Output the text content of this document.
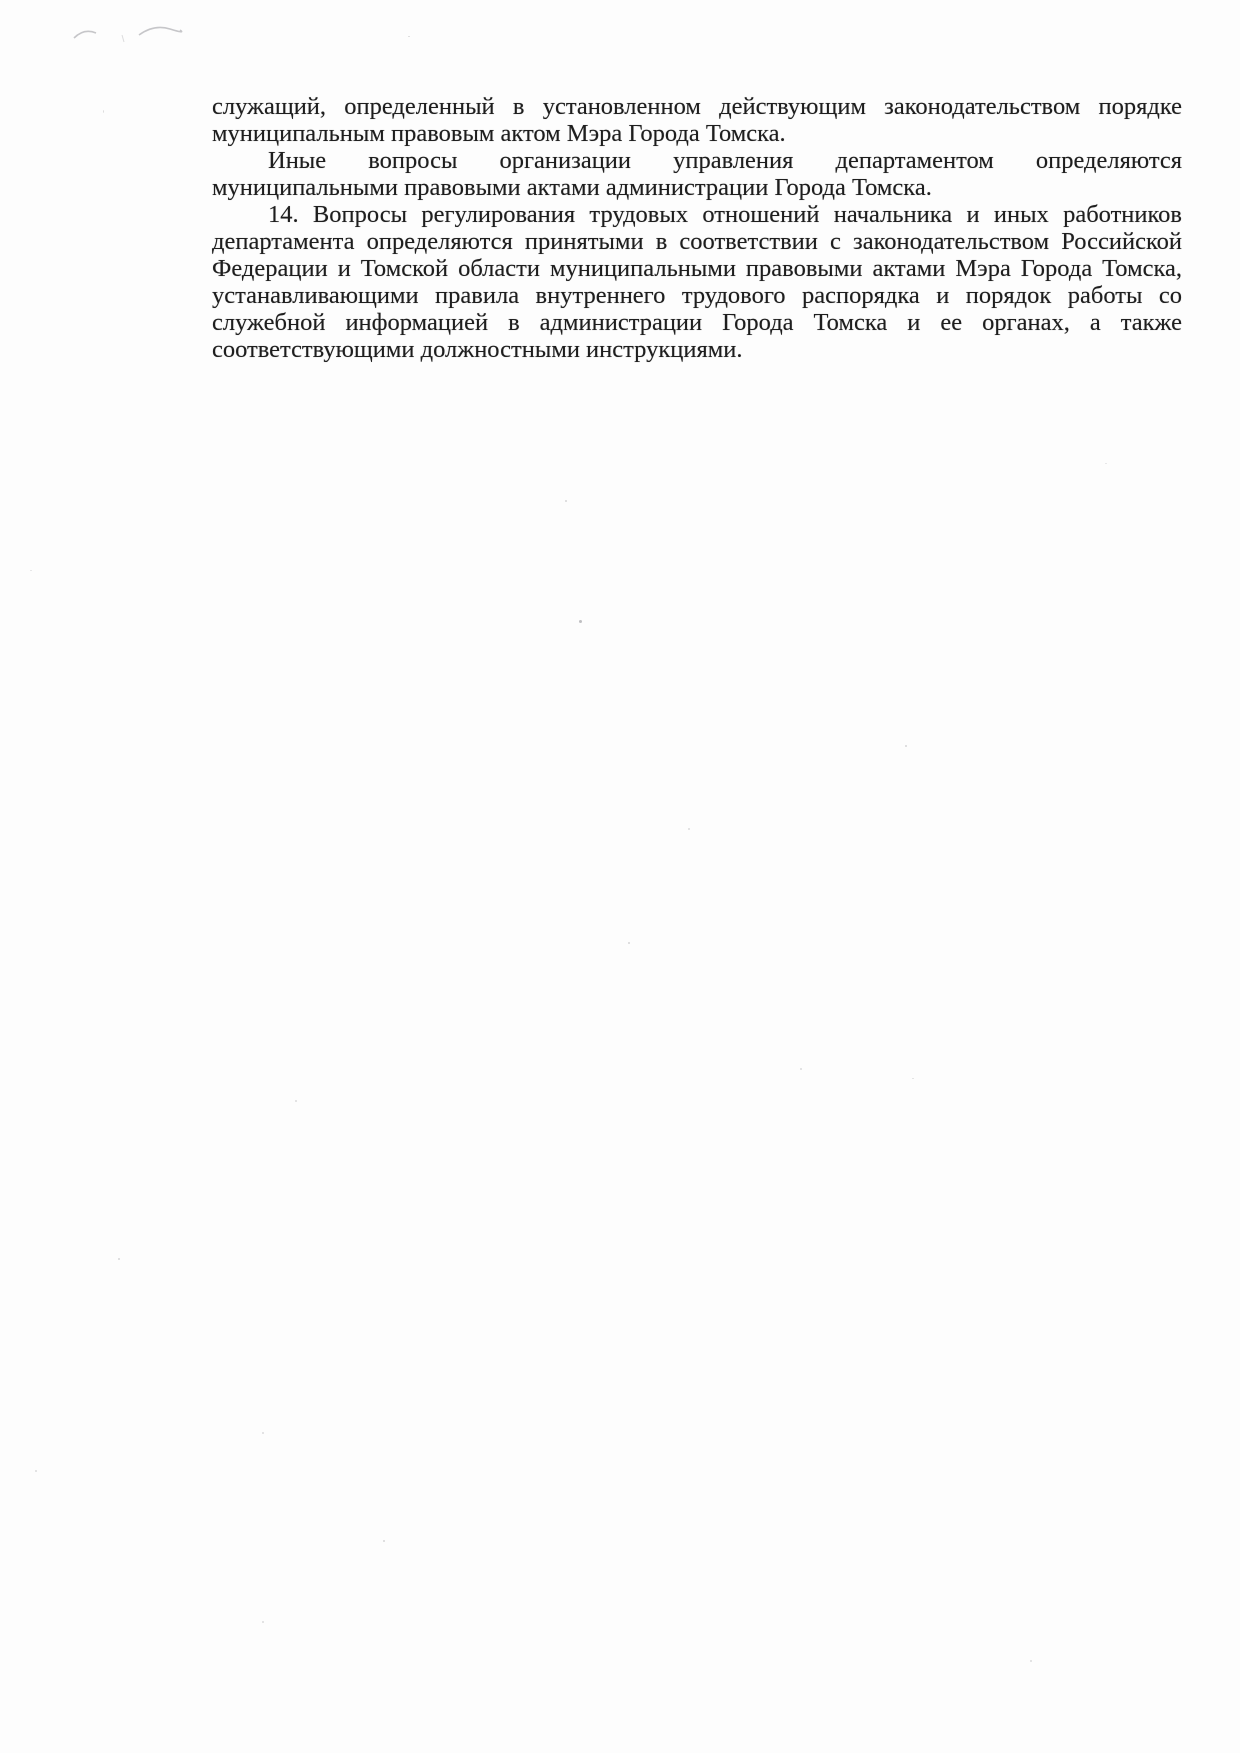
служащий, определенный в установленном действующим законодательством порядке муниципальным правовым актом Мэра Города Томска.

Иные вопросы организации управления департаментом определяются муниципальными правовыми актами администрации Города Томска.

14. Вопросы регулирования трудовых отношений начальника и иных работников департамента определяются принятыми в соответствии с законодательством Российской Федерации и Томской области муниципальными правовыми актами Мэра Города Томска, устанавливающими правила внутреннего трудового распорядка и порядок работы со служебной информацией в администрации Города Томска и ее органах, а также соответствующими должностными инструкциями.
